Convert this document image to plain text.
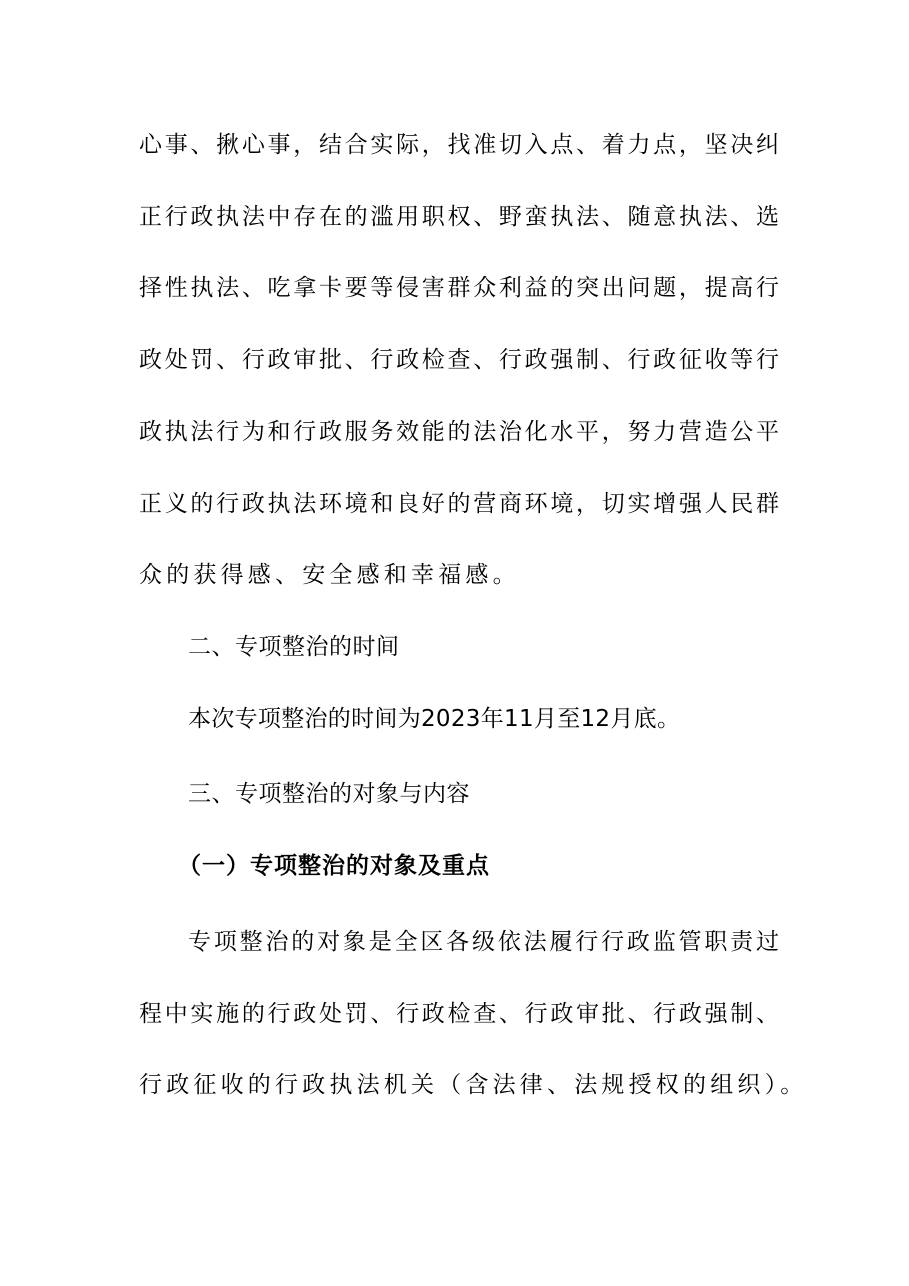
心事、揪心事，结合实际，找准切入点、着力点，坚决纠
正行政执法中存在的滥用职权、野蛮执法、随意执法、选
择性执法、吃拿卡要等侵害群众利益的突出问题，提高行
政处罚、行政审批、行政检查、行政强制、行政征收等行
政执法行为和行政服务效能的法治化水平，努力营造公平
正义的行政执法环境和良好的营商环境，切实增强人民群
众的获得感、安全感和幸福感。
二、专项整治的时间
本次专项整治的时间为2023年11月至12月底。
三、专项整治的对象与内容
（一）专项整治的对象及重点
专项整治的对象是全区各级依法履行行政监管职责过
程中实施的行政处罚、行政检查、行政审批、行政强制、
行政征收的行政执法机关（含法律、法规授权的组织）。
